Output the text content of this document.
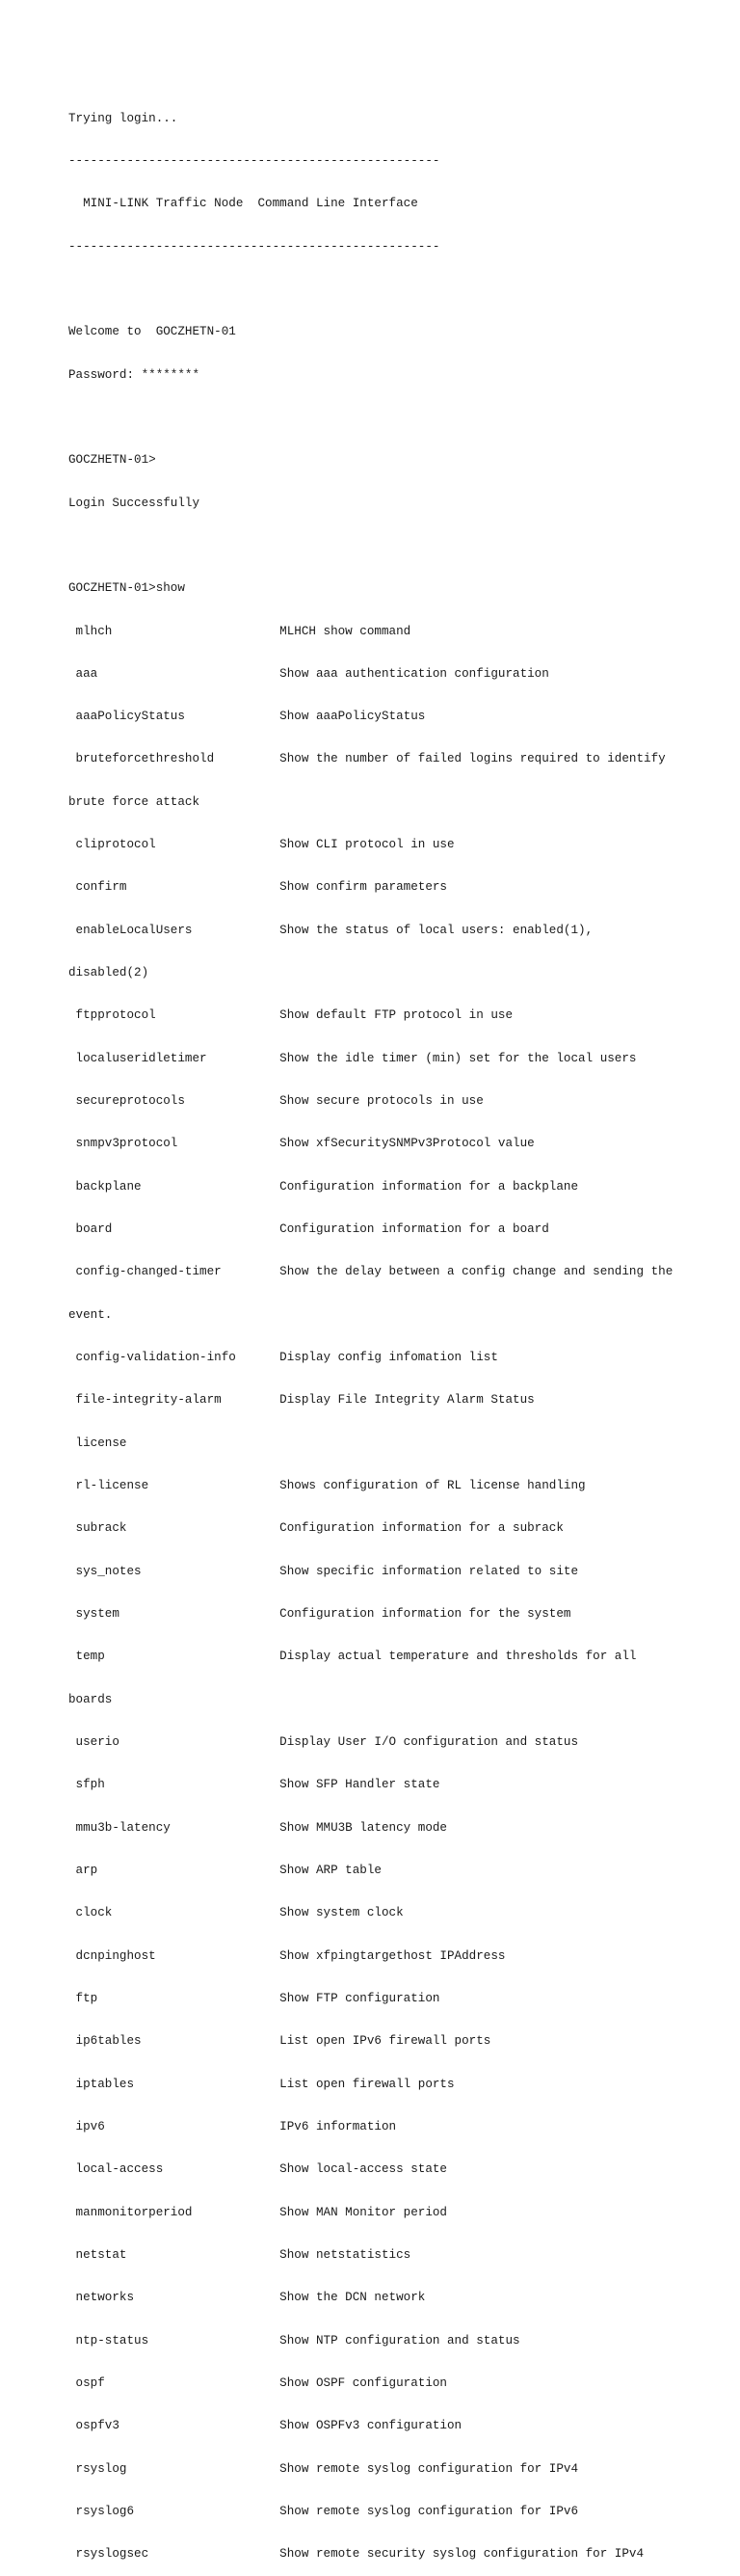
Trying login...

---------------------------------------------------

MINI-LINK Traffic Node  Command Line Interface

---------------------------------------------------

Welcome to  GOCZHETN-01

Password: ********

GOCZHETN-01>

Login Successfully

GOCZHETN-01>show

mlhch                       MLHCH show command

aaa                         Show aaa authentication configuration

aaaPolicyStatus             Show aaaPolicyStatus

bruteforcethreshold         Show the number of failed logins required to identify

brute force attack

cliprotocol                 Show CLI protocol in use

confirm                     Show confirm parameters

enableLocalUsers            Show the status of local users: enabled(1),

disabled(2)

ftpprotocol                 Show default FTP protocol in use

localuseridletimer          Show the idle timer (min) set for the local users

secureprotocols             Show secure protocols in use

snmpv3protocol              Show xfSecuritySNMPv3Protocol value

backplane                   Configuration information for a backplane

board                       Configuration information for a board

config-changed-timer        Show the delay between a config change and sending the

event.

config-validation-info      Display config infomation list

file-integrity-alarm        Display File Integrity Alarm Status

license

rl-license                  Shows configuration of RL license handling

subrack                     Configuration information for a subrack

sys_notes                   Show specific information related to site

system                      Configuration information for the system

temp                        Display actual temperature and thresholds for all

boards

userio                      Display User I/O configuration and status

sfph                        Show SFP Handler state

mmu3b-latency               Show MMU3B latency mode

arp                         Show ARP table

clock                       Show system clock

dcnpinghost                 Show xfpingtargethost IPAddress

ftp                         Show FTP configuration

ip6tables                   List open IPv6 firewall ports

iptables                    List open firewall ports

ipv6                        IPv6 information

local-access                Show local-access state

manmonitorperiod            Show MAN Monitor period

netstat                     Show netstatistics

networks                    Show the DCN network

ntp-status                  Show NTP configuration and status

ospf                        Show OSPF configuration

ospfv3                      Show OSPFv3 configuration

rsyslog                     Show remote syslog configuration for IPv4

rsyslog6                    Show remote syslog configuration for IPv6

rsyslogsec                  Show remote security syslog configuration for IPv4
